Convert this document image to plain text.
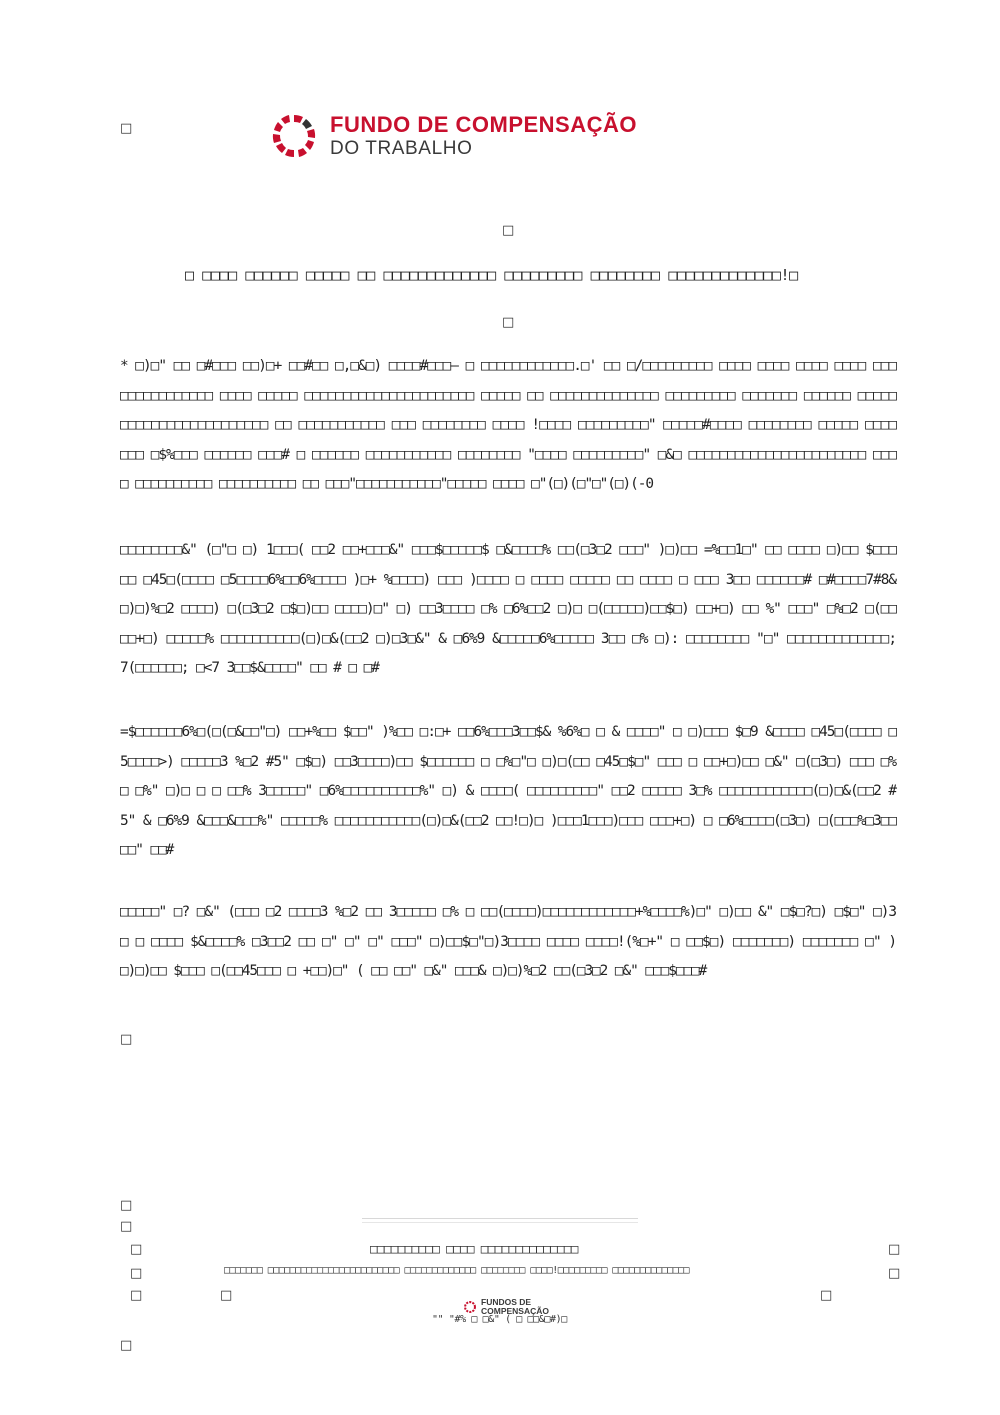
FUNDO DE COMPENSAÇÃO
DO TRABALHO
□
□
□
□ □□□□ □□□□□□ □□□□□ □□ □□□□□□□□□□□□□ □□□□□□□□□ □□□□□□□□ □□□□□□□□□□□□□!□
* □)□" □□ □#□□□ □□)□+ □□#□□ □,□&□) □□□□#□□□– □ □□□□□□□□□□□□.□' □□ □/□□□□□□□□□ □□□□ □□□□ □□□□ □□□□ □□□□□□□□□□□□□□□ □□□□ □□□□□ □□□□□□□□□□□□□□□□□□□□□□ □□□□□ □□ □□□□□□□□□□□□□□ □□□□□□□□□ □□□□□□□ □□□□□□ □□□□□□□□□□□□□□□□□□□□□□□□ □□ □□□□□□□□□□□ □□□ □□□□□□□□ □□□□ !□□□□ □□□□□□□□□" □□□□□#□□□□ □□□□□□□□ □□□□□ □□□□ □□□ □$%□□□ □□□□□□ □□□# □ □□□□□□ □□□□□□□□□□□ □□□□□□□□ "□□□□ □□□□□□□□□" □&□ □□□□□□□□□□□□□□□□□□□□□□□ □□□□ □□□□□□□□□□ □□□□□□□□□□ □□ □□□"□□□□□□□□□□□"□□□□□ □□□□ □"(□)(□"□"(□)(-0
□□□□□□□□&" (□"□ □) 1□□□( □□2 □□+□□□&" □□□$□□□□□$ □&□□□□% □□(□3□2 □□□" )□)□□ =%□□1□" □□ □□□□ □)□□ $□□□ □□ □45□(□□□□ □5□□□□6%□□6%□□□□ )□+ %□□□□) □□□ )□□□□ □ □□□□ □□□□□ □□ □□□□ □ □□□ 3□□ □□□□□□# □#□□□□7#8& □)□)%□2 □□□□) □(□3□2 □$□)□□ □□□□)□" □) □□3□□□□ □% □6%□□2 □)□ □(□□□□□)□□$□) □□+□) □□ %" □□□" □%□2 □(□□□□+□) □□□□□% □□□□□□□□□□(□)□&(□□2 □)□3□&" & □6%9 &□□□□□6%□□□□□ 3□□ □% □): □□□□□□□□ "□" □□□□□□□□□□□□□; 7(□□□□□□; □<7 3□□$&□□□□" □□ # □ □#
=$□□□□□□6%□(□(□&□□"□) □□+%□□ $□□" )%□□ □:□+ □□6%□□□3□□$& %6%□ □ & □□□□" □ □)□□□ $□9 &□□□□ □45□(□□□□ □5□□□□>) □□□□□3 %□2 #5" □$□) □□3□□□□)□□ $□□□□□□ □ □%□"□ □)□(□□ □45□$□" □□□ □ □□+□)□□ □&" □(□3□) □□□ □% □ □%" □)□ □ □ □□% 3□□□□□" □6%□□□□□□□□□□%" □) & □□□□( □□□□□□□□□" □□2 □□□□□ 3□% □□□□□□□□□□□□(□)□&(□□2 # 5" & □6%9 &□□□&□□□%" □□□□□% □□□□□□□□□□□(□)□&(□□2 □□!□)□ )□□□1□□□)□□□ □□□+□) □ □6%□□□□(□3□) □(□□□%□3□□□□" □□#
□□□□□" □? □&" (□□□ □2 □□□□3 %□2 □□ 3□□□□□ □% □ □□(□□□□)□□□□□□□□□□□□+%□□□□%)□" □)□□ &" □$□?□) □$□" □)3 □ □ □□□□ $&□□□□% □3□□2 □□ □" □" □" □□□" □)□□$□"□)3□□□□ □□□□ □□□□!(%□+" □ □□$□) □□□□□□□) □□□□□□□ □" )□)□)□□ $□□□ □(□□45□□□ □ +□□)□" ( □□ □□" □&" □□□& □)□)%□2 □□(□3□2 □&" □□□$□□□#
□
□
□
□	□□□□□□□□□□ □□□□ □□□□□□□□□□□□□□	□
□	□□□□□□□ □□□□□□□□□□□□□□□□□□□□□□□□ □□□□□□□□□□□□□ □□□□□□□□ □□□□!□□□□□□□□□ □□□□□□□□□□□□□□	□
□	□	□
FUNDOS DE
COMPENSAÇÃO
"" "#% □ □&" ( □ □□&□#)□
□
